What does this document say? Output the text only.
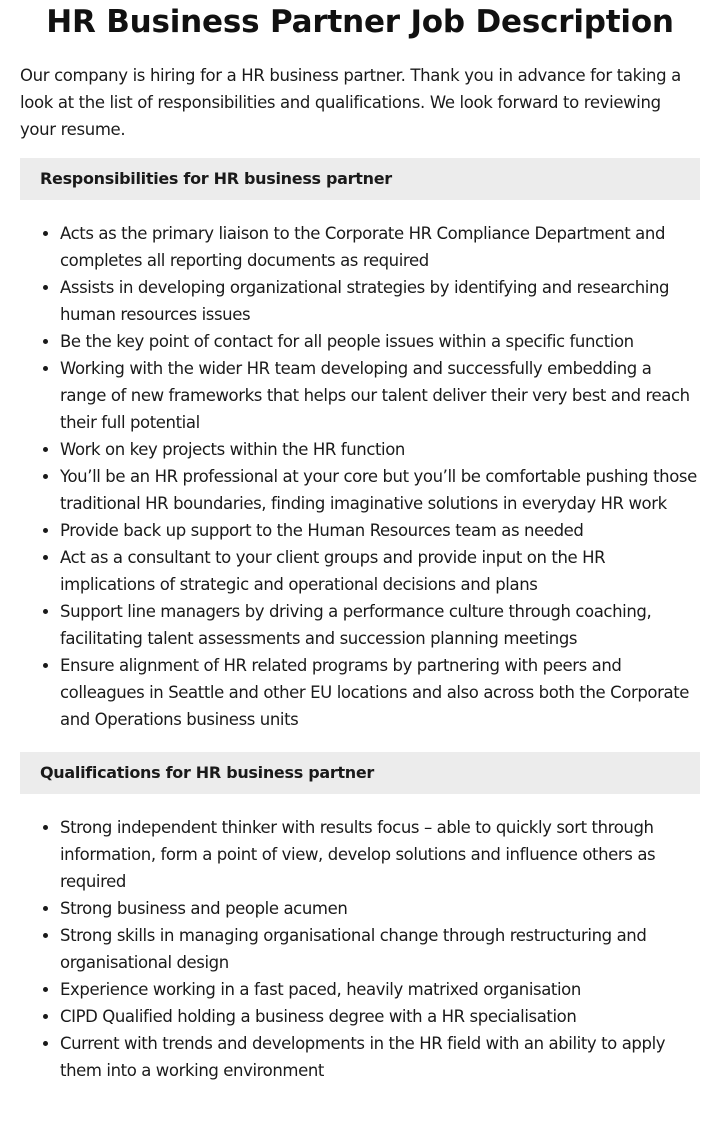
HR Business Partner Job Description

Our company is hiring for a HR business partner. Thank you in advance for taking a look at the list of responsibilities and qualifications. We look forward to reviewing your resume.

Responsibilities for HR business partner
Acts as the primary liaison to the Corporate HR Compliance Department and completes all reporting documents as required
Assists in developing organizational strategies by identifying and researching human resources issues
Be the key point of contact for all people issues within a specific function
Working with the wider HR team developing and successfully embedding a range of new frameworks that helps our talent deliver their very best and reach their full potential
Work on key projects within the HR function
You’ll be an HR professional at your core but you’ll be comfortable pushing those traditional HR boundaries, finding imaginative solutions in everyday HR work
Provide back up support to the Human Resources team as needed
Act as a consultant to your client groups and provide input on the HR implications of strategic and operational decisions and plans
Support line managers by driving a performance culture through coaching, facilitating talent assessments and succession planning meetings
Ensure alignment of HR related programs by partnering with peers and colleagues in Seattle and other EU locations and also across both the Corporate and Operations business units
Qualifications for HR business partner
Strong independent thinker with results focus – able to quickly sort through information, form a point of view, develop solutions and influence others as required
Strong business and people acumen
Strong skills in managing organisational change through restructuring and organisational design
Experience working in a fast paced, heavily matrixed organisation
CIPD Qualified holding a business degree with a HR specialisation
Current with trends and developments in the HR field with an ability to apply them into a working environment
